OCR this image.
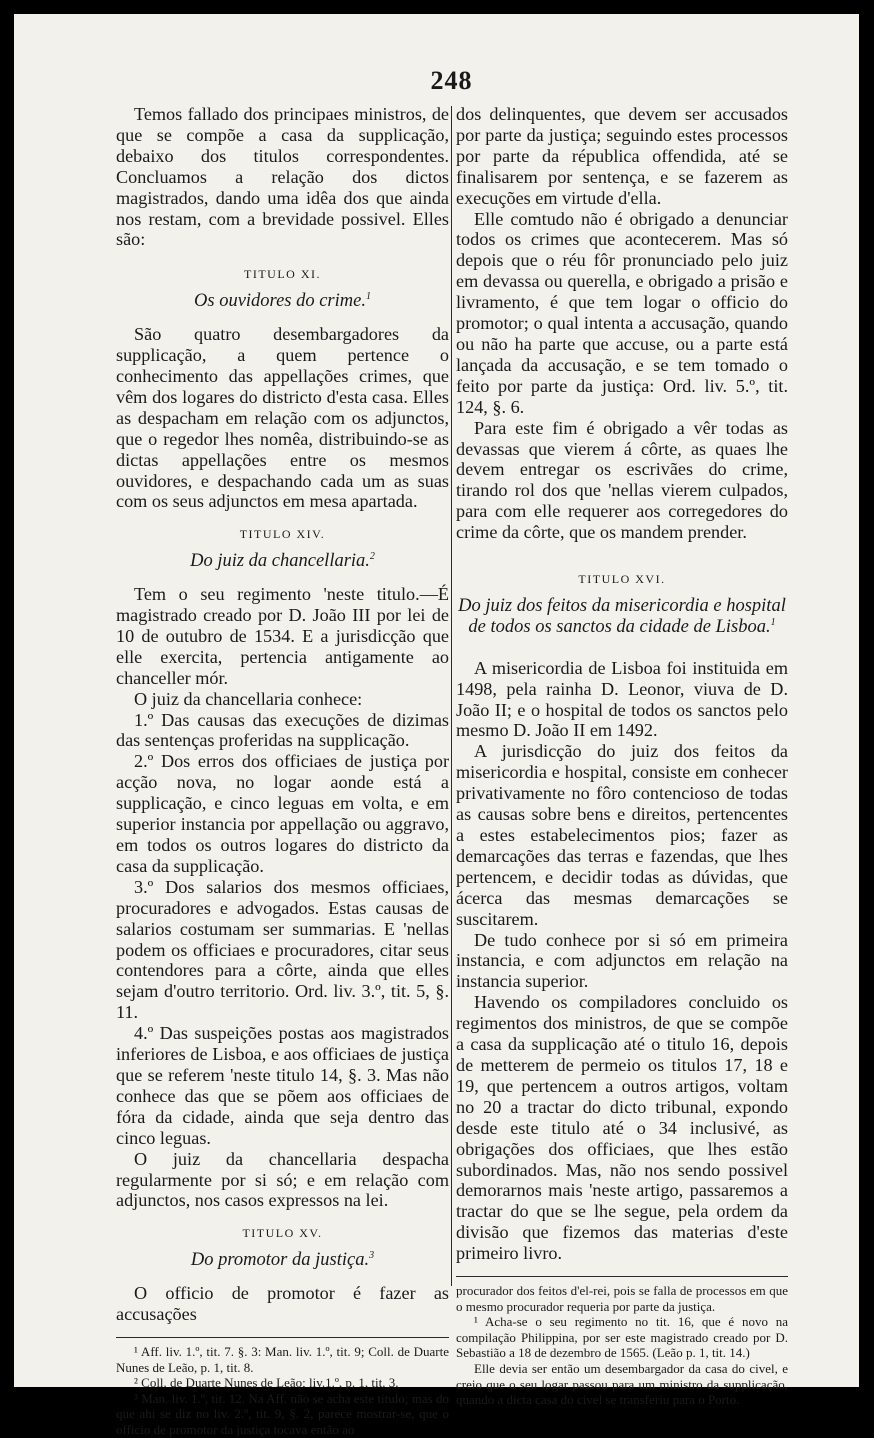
248

Temos fallado dos principaes ministros, de que se compõe a casa da supplicação, debaixo dos titulos correspondentes. Concluamos a relação dos dictos magistrados, dando uma idêa dos que ainda nos restam, com a brevidade possivel. Elles são:

TITULO XI.
Os ouvidores do crime.$^1$

São quatro desembargadores da supplicação, a quem pertence o conhecimento das appellações crimes, que vêm dos logares do districto d'esta casa. Elles as despacham em relação com os adjunctos, que o regedor lhes nomêa, distribuindo-se as dictas appellações entre os mesmos ouvidores, e despachando cada um as suas com os seus adjunctos em mesa apartada.

TITULO XIV.
Do juiz da chancellaria.$^2$

Tem o seu regimento 'neste titulo.—É magistrado creado por D. João III por lei de 10 de outubro de 1534. E a jurisdicção que elle exercita, pertencia antigamente ao chanceller mór.

O juiz da chancellaria conhece:

1.º Das causas das execuções de dizimas das sentenças proferidas na supplicação.

2.º Dos erros dos officiaes de justiça por acção nova, no logar aonde está a supplicação, e cinco leguas em volta, e em superior instancia por appellação ou aggravo, em todos os outros logares do districto da casa da supplicação.

3.º Dos salarios dos mesmos officiaes, procuradores e advogados. Estas causas de salarios costumam ser summarias. E 'nellas podem os officiaes e procuradores, citar seus contendores para a côrte, ainda que elles sejam d'outro territorio. Ord. liv. 3.º, tit. 5, §. 11.

4.º Das suspeições postas aos magistrados inferiores de Lisboa, e aos officiaes de justiça que se referem 'neste titulo 14, §. 3. Mas não conhece das que se põem aos officiaes de fóra da cidade, ainda que seja dentro das cinco leguas.

O juiz da chancellaria despacha regularmente por si só; e em relação com adjunctos, nos casos expressos na lei.

TITULO XV.
Do promotor da justiça.$^3$

O officio de promotor é fazer as accusações

¹ Aff. liv. 1.º, tit. 7. §. 3: Man. liv. 1.º, tit. 9; Coll. de Duarte Nunes de Leão, p. 1, tit. 8.

² Coll. de Duarte Nunes de Leão; liv.1.º, p. 1, tit. 3.

³ Man. liv. 1.º, tit. 12. Na Aff. não se acha este titulo; mas do que ahi se diz no liv. 2.º, tit. 9, §. 2, parece mostrar-se, que o officio de promotor da justiça tocava então ao

dos delinquentes, que devem ser accusados por parte da justiça; seguindo estes processos por parte da républica offendida, até se finalisarem por sentença, e se fazerem as execuções em virtude d'ella.

Elle comtudo não é obrigado a denunciar todos os crimes que acontecerem. Mas só depois que o réu fôr pronunciado pelo juiz em devassa ou querella, e obrigado a prisão e livramento, é que tem logar o officio do promotor; o qual intenta a accusação, quando ou não ha parte que accuse, ou a parte está lançada da accusação, e se tem tomado o feito por parte da justiça: Ord. liv. 5.º, tit. 124, §. 6.

Para este fim é obrigado a vêr todas as devassas que vierem á côrte, as quaes lhe devem entregar os escrivães do crime, tirando rol dos que 'nellas vierem culpados, para com elle requerer aos corregedores do crime da côrte, que os mandem prender.

TITULO XVI.
Do juiz dos feitos da misericordia e hospital de todos os sanctos da cidade de Lisboa.$^1$

A misericordia de Lisboa foi instituida em 1498, pela rainha D. Leonor, viuva de D. João II; e o hospital de todos os sanctos pelo mesmo D. João II em 1492.

A jurisdicção do juiz dos feitos da misericordia e hospital, consiste em conhecer privativamente no fôro contencioso de todas as causas sobre bens e direitos, pertencentes a estes estabelecimentos pios; fazer as demarcações das terras e fazendas, que lhes pertencem, e decidir todas as dúvidas, que ácerca das mesmas demarcações se suscitarem.

De tudo conhece por si só em primeira instancia, e com adjunctos em relação na instancia superior.

Havendo os compiladores concluido os regimentos dos ministros, de que se compõe a casa da supplicação até o titulo 16, depois de metterem de permeio os titulos 17, 18 e 19, que pertencem a outros artigos, voltam no 20 a tractar do dicto tribunal, expondo desde este titulo até o 34 inclusivé, as obrigações dos officiaes, que lhes estão subordinados. Mas, não nos sendo possivel demorarnos mais 'neste artigo, passaremos a tractar do que se lhe segue, pela ordem da divisão que fizemos das materias d'este primeiro livro.

procurador dos feitos d'el-rei, pois se falla de processos em que o mesmo procurador requeria por parte da justiça.

¹ Acha-se o seu regimento no tit. 16, que é novo na compilação Philippina, por ser este magistrado creado por D. Sebastião a 18 de dezembro de 1565. (Leão p. 1, tit. 14.)

Elle devia ser então um desembargador da casa do civel, e creio que o seu logar passou para um ministro da supplicação, quando a dicta casa do civel se transferiu para o Porto.
